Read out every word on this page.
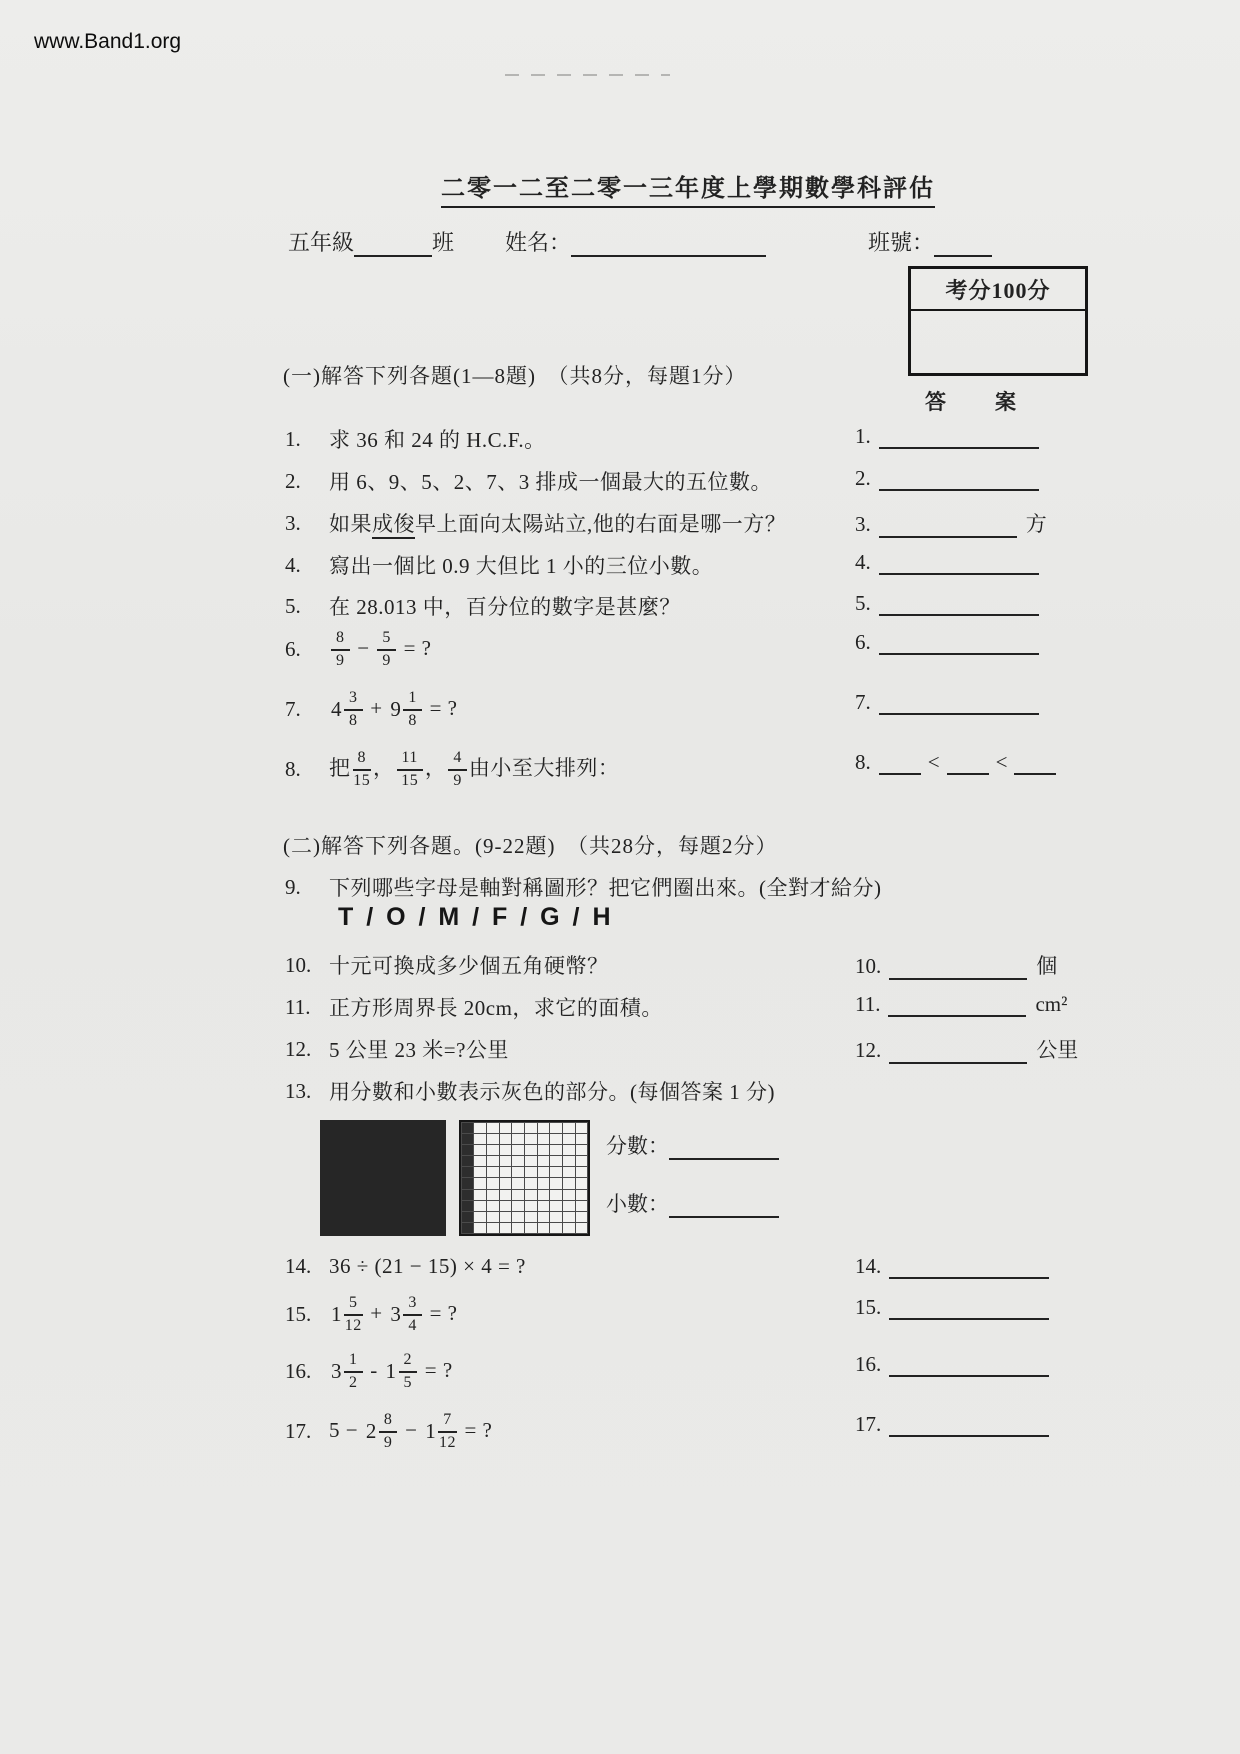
www.Band1.org
二零一二至二零一三年度上學期數學科評估
五年級	班 姓名：	班號：
考分100分
(一)解答下列各題(1—8題)　（共8分，每題1分）
答　案
(二)解答下列各題。(9-22題)　（共28分，每題2分）
1. 求 36 和 24 的 H.C.F.。	1.
2. 用 6、9、5、2、7、3 排成一個最大的五位數。	2.
3. 如果成俊早上面向太陽站立,他的右面是哪一方？	3.	方
4. 寫出一個比 0.9 大但比 1 小的三位小數。	4.
5. 在 28.013 中，百分位的數字是甚麼？	5.
6. $\frac{8}{9} - \frac{5}{9}$ = ?	6.
7. $4 \frac{3}{8} + 9 \frac{1}{8}$ = ?	7.
8. 把 $\frac{8}{15}$ ， $\frac{11}{15}$ ， $\frac{4}{9}$ 由小至大排列：	8.	<	<
9. 下列哪些字母是軸對稱圖形？把它們圈出來。(全對才給分)
T / O / M / F / G / H
10. 十元可換成多少個五角硬幣？	10.	個
11. 正方形周界長 20cm，求它的面積。	11.	cm²
12. 5 公里 23 米=?公里	12.	公里
13. 用分數和小數表示灰色的部分。(每個答案 1 分)
14. 36 ÷ (21 − 15) × 4 = ?	14.
15. $1 \frac{5}{12} + 3 \frac{3}{4}$ = ?	15.
16. $3 \frac{1}{2} - 1 \frac{2}{5}$ = ?	16.
17. $5 - 2 \frac{8}{9} - 1 \frac{7}{12}$ = ?	17.
分數：
小數：
